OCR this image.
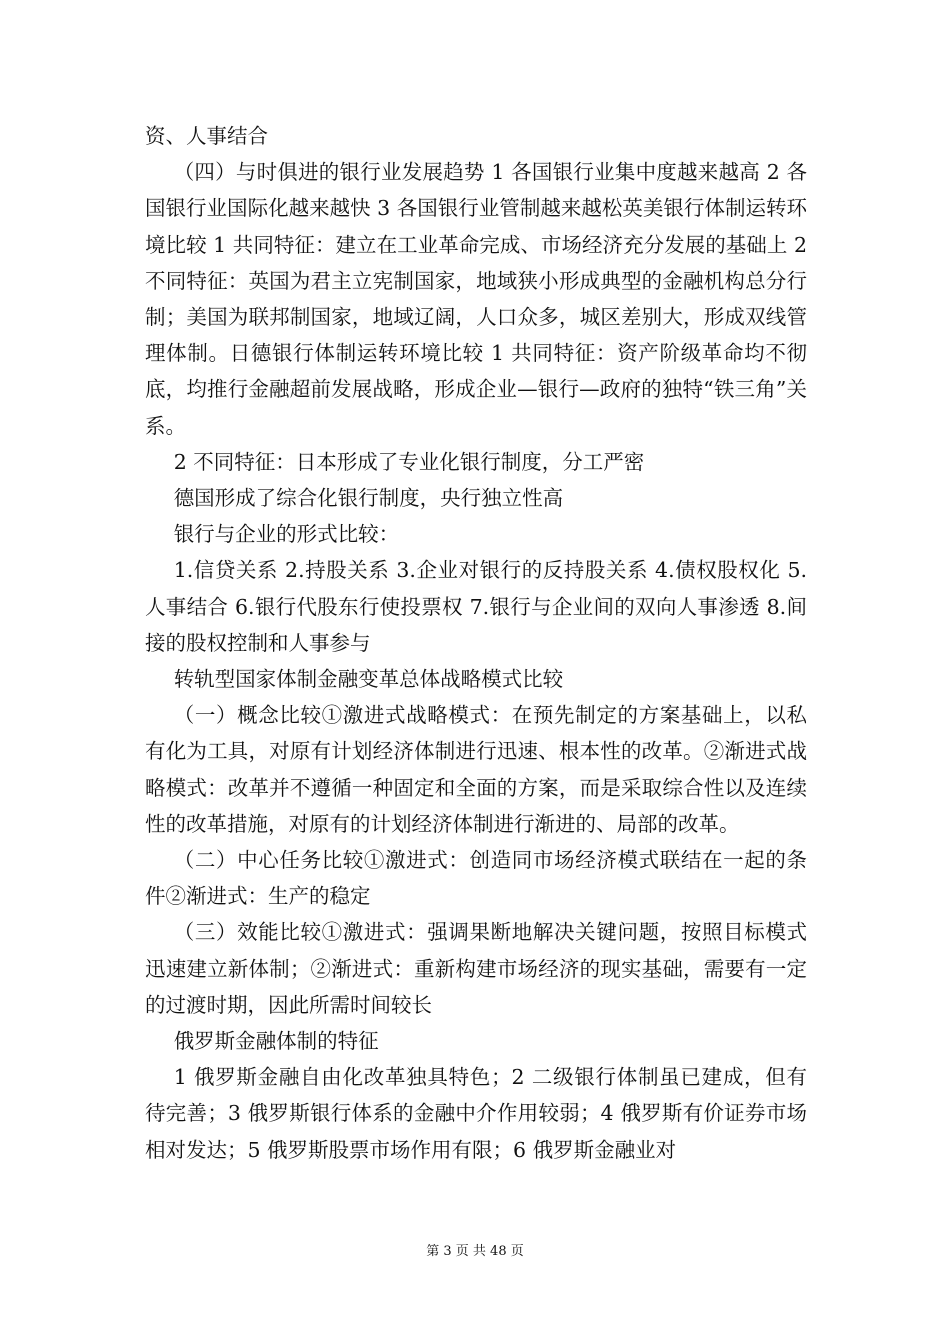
资、人事结合

（四）与时俱进的银行业发展趋势 1 各国银行业集中度越来越高 2 各国银行业国际化越来越快 3 各国银行业管制越来越松英美银行体制运转环境比较 1 共同特征：建立在工业革命完成、市场经济充分发展的基础上 2 不同特征：英国为君主立宪制国家，地域狭小形成典型的金融机构总分行制；美国为联邦制国家，地域辽阔，人口众多，城区差别大，形成双线管理体制。日德银行体制运转环境比较 1 共同特征：资产阶级革命均不彻底，均推行金融超前发展战略，形成企业—银行—政府的独特“铁三角”关系。

2 不同特征：日本形成了专业化银行制度，分工严密

德国形成了综合化银行制度，央行独立性高

银行与企业的形式比较：

1.信贷关系 2.持股关系 3.企业对银行的反持股关系 4.债权股权化 5.人事结合 6.银行代股东行使投票权 7.银行与企业间的双向人事渗透 8.间接的股权控制和人事参与

转轨型国家体制金融变革总体战略模式比较

（一）概念比较①激进式战略模式：在预先制定的方案基础上，以私有化为工具，对原有计划经济体制进行迅速、根本性的改革。②渐进式战略模式：改革并不遵循一种固定和全面的方案，而是采取综合性以及连续性的改革措施，对原有的计划经济体制进行渐进的、局部的改革。

（二）中心任务比较①激进式：创造同市场经济模式联结在一起的条件②渐进式：生产的稳定

（三）效能比较①激进式：强调果断地解决关键问题，按照目标模式迅速建立新体制；②渐进式：重新构建市场经济的现实基础，需要有一定的过渡时期，因此所需时间较长

俄罗斯金融体制的特征

1 俄罗斯金融自由化改革独具特色；2 二级银行体制虽已建成，但有待完善；3 俄罗斯银行体系的金融中介作用较弱；4 俄罗斯有价证券市场相对发达；5 俄罗斯股票市场作用有限；6 俄罗斯金融业对

第 3 页 共 48 页
